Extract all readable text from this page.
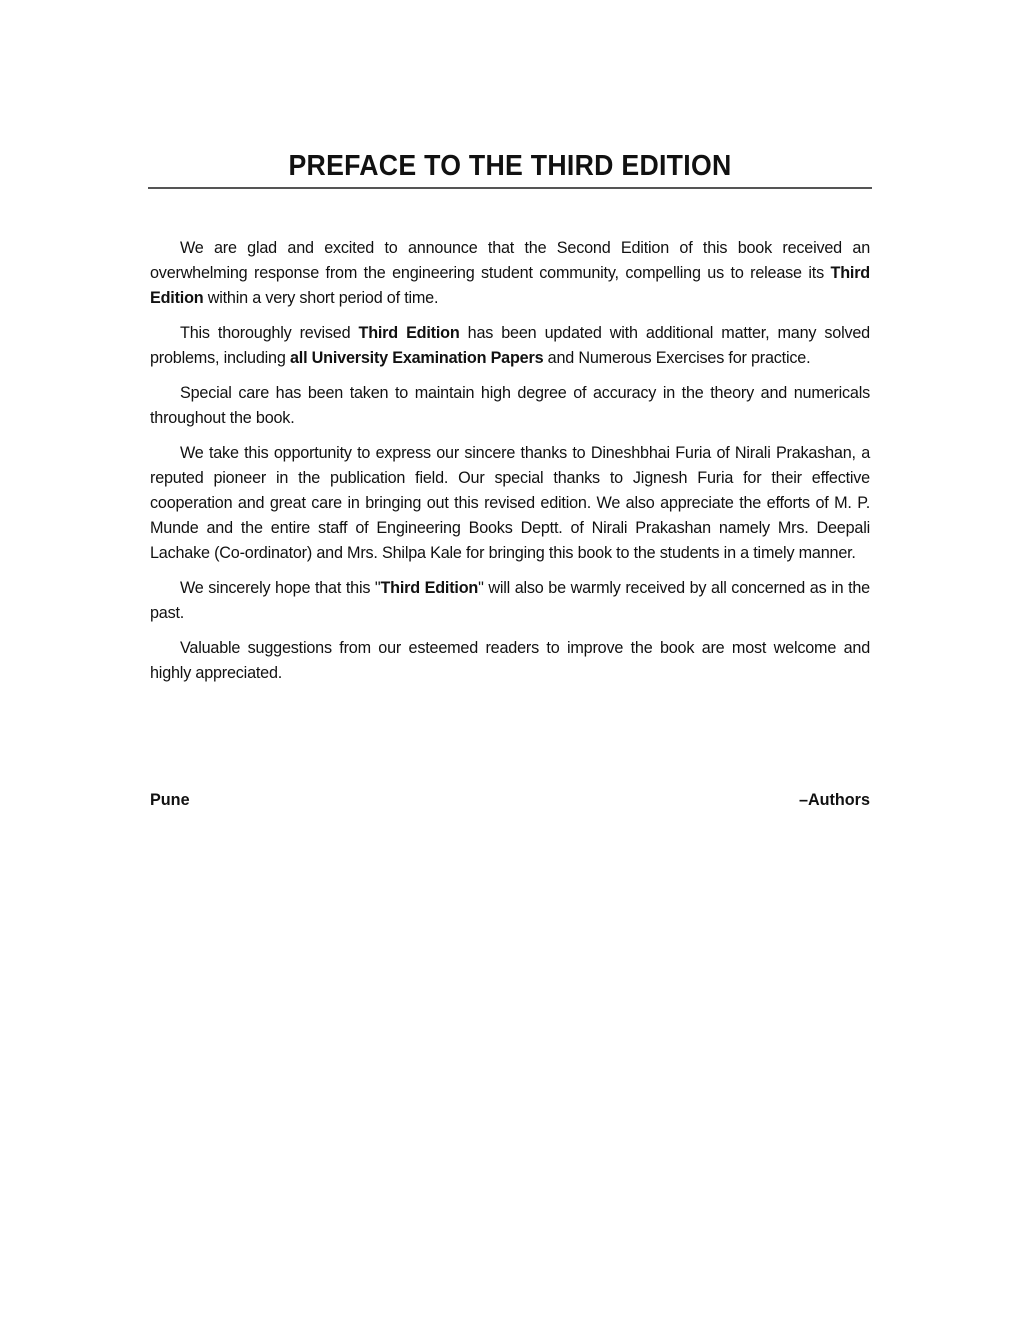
PREFACE TO THE THIRD EDITION

We are glad and excited to announce that the Second Edition of this book received an overwhelming response from the engineering student community, compelling us to release its Third Edition within a very short period of time.

This thoroughly revised Third Edition has been updated with additional matter, many solved problems, including all University Examination Papers and Numerous Exercises for practice.

Special care has been taken to maintain high degree of accuracy in the theory and numericals throughout the book.

We take this opportunity to express our sincere thanks to Dineshbhai Furia of Nirali Prakashan, a reputed pioneer in the publication field. Our special thanks to Jignesh Furia for their effective cooperation and great care in bringing out this revised edition. We also appreciate the efforts of M. P. Munde and the entire staff of Engineering Books Deptt. of Nirali Prakashan namely Mrs. Deepali Lachake (Co-ordinator) and Mrs. Shilpa Kale for bringing this book to the students in a timely manner.

We sincerely hope that this "Third Edition" will also be warmly received by all concerned as in the past.

Valuable suggestions from our esteemed readers to improve the book are most welcome and highly appreciated.

Pune	–Authors
